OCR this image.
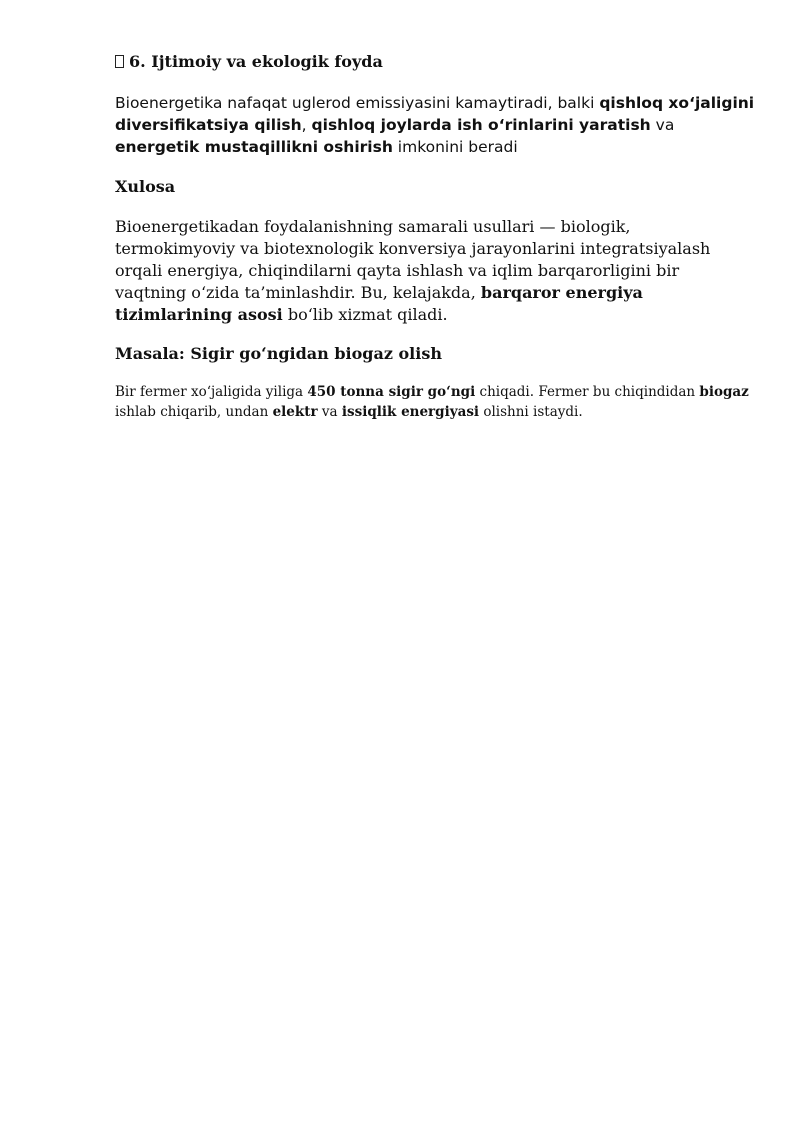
6. Ijtimoiy va ekologik foyda

Bioenergetika nafaqat uglerod emissiyasini kamaytiradi, balki qishloq xo‘jaligini diversifikatsiya qilish, qishloq joylarda ish o‘rinlarini yaratish va energetik mustaqillikni oshirish imkonini beradi

Xulosa

Bioenergetikadan foydalanishning samarali usullari — biologik, termokimyoviy va biotexnologik konversiya jarayonlarini integratsiyalash orqali energiya, chiqindilarni qayta ishlash va iqlim barqarorligini bir vaqtning o‘zida ta’minlashdir. Bu, kelajakda, barqaror energiya tizimlarining asosi bo‘lib xizmat qiladi.

Masala: Sigir go‘ngidan biogaz olish

Bir fermer xo‘jaligida yiliga 450 tonna sigir go‘ngi chiqadi. Fermer bu chiqindidan biogaz ishlab chiqarib, undan elektr va issiqlik energiyasi olishni istaydi.
